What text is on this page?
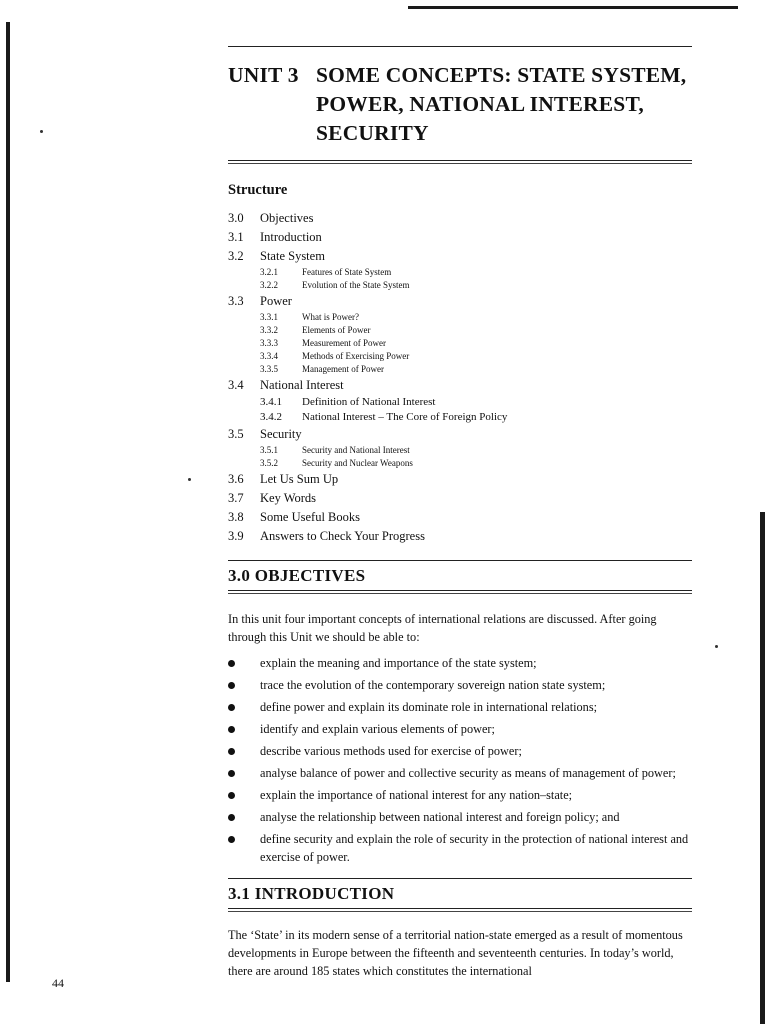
UNIT 3 SOME CONCEPTS: STATE SYSTEM, POWER, NATIONAL INTEREST, SECURITY
Structure
3.0	Objectives
3.1	Introduction
3.2	State System
3.2.1	Features of State System
3.2.2	Evolution of the State System
3.3	Power
3.3.1	What is Power?
3.3.2	Elements of Power
3.3.3	Measurement of Power
3.3.4	Methods of Exercising Power
3.3.5	Management of Power
3.4	National Interest
3.4.1	Definition of National Interest
3.4.2	National Interest – The Core of Foreign Policy
3.5	Security
3.5.1	Security and National Interest
3.5.2	Security and Nuclear Weapons
3.6	Let Us Sum Up
3.7	Key Words
3.8	Some Useful Books
3.9	Answers to Check Your Progress
3.0 OBJECTIVES

In this unit four important concepts of international relations are discussed. After going through this Unit we should be able to:

explain the meaning and importance of the state system;
trace the evolution of the contemporary sovereign nation state system;
define power and explain its dominate role in international relations;
identify and explain various elements of power;
describe various methods used for exercise of power;
analyse balance of power and collective security as means of management of power;
explain the importance of national interest for any nation–state;
analyse the relationship between national interest and foreign policy; and
define security and explain the role of security in the protection of national interest and exercise of power.
3.1 INTRODUCTION

The ‘State’ in its modern sense of a territorial nation-state emerged as a result of momentous developments in Europe between the fifteenth and seventeenth centuries. In today’s world, there are around 185 states which constitutes the international

44
